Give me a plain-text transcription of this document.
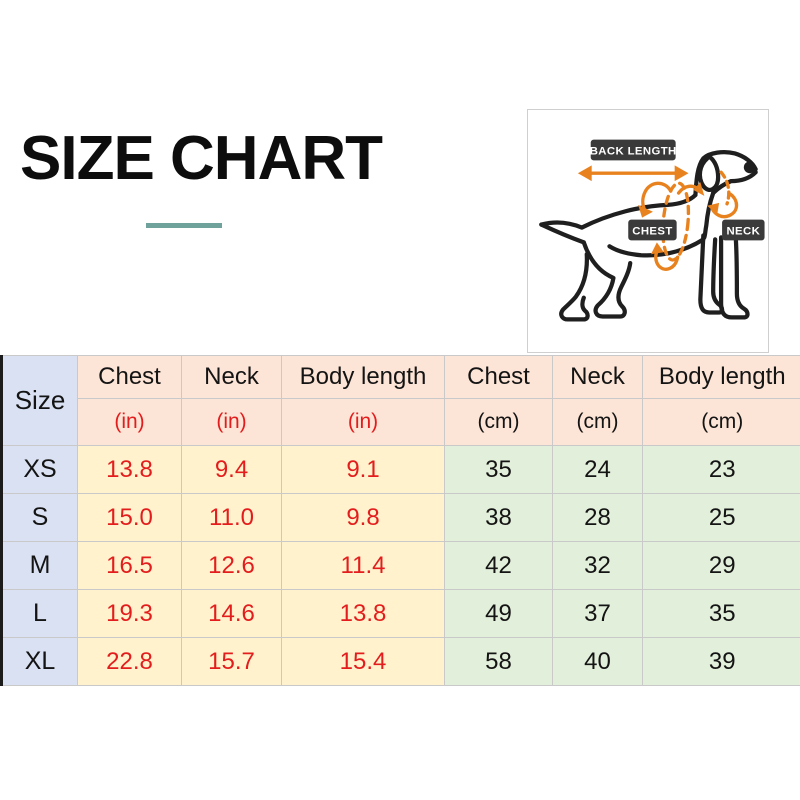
SIZE CHART	BACK LENGTH
CHEST	NECK
Size	Chest	Neck	Body length	Chest	Neck	Body length
	(in)	(in)	(in)	(cm)	(cm)	(cm)
XS	13.8	9.4	9.1	35	24	23
S	15.0	11.0	9.8	38	28	25
M	16.5	12.6	11.4	42	32	29
L	19.3	14.6	13.8	49	37	35
XL	22.8	15.7	15.4	58	40	39
